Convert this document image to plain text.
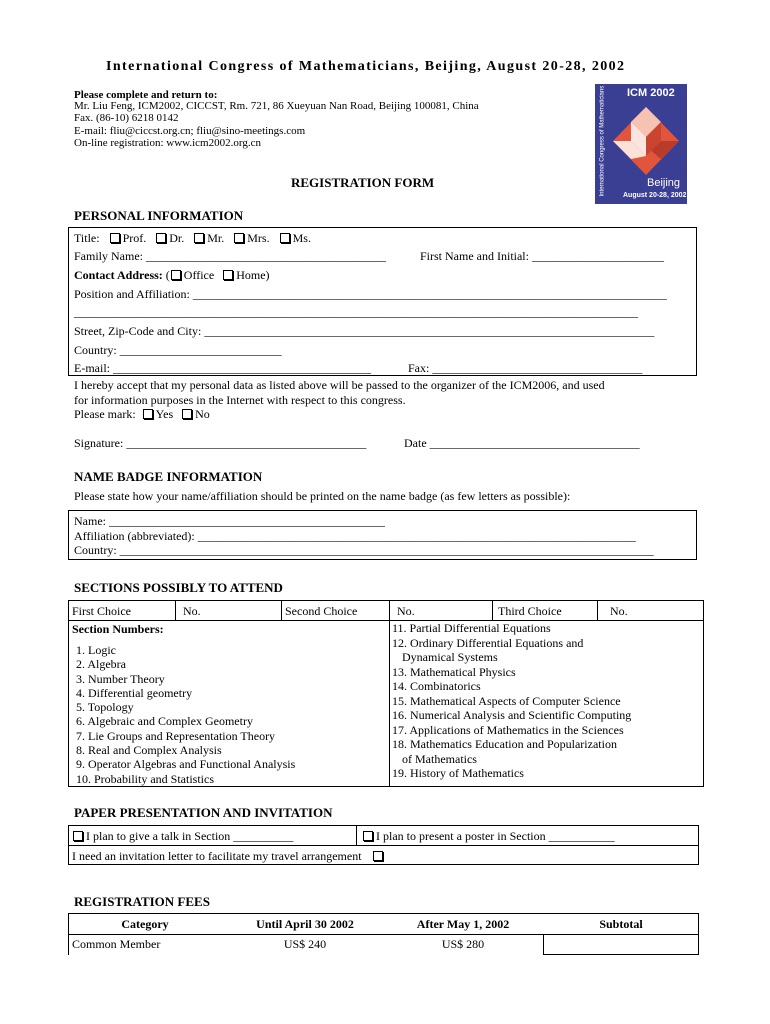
International Congress of Mathematicians, Beijing, August 20-28, 2002
Please complete and return to:
Mr. Liu Feng, ICM2002, CICCST, Rm. 721, 86 Xueyuan Nan Road, Beijing 100081, China
Fax. (86-10) 6218 0142
E-mail: fliu@ciccst.org.cn; fliu@sino-meetings.com
On-line registration: www.icm2002.org.cn
ICM 2002
International Congress of Mathematicians	Beijing
August 20-28, 2002
REGISTRATION FORM
PERSONAL INFORMATION
Title: Prof. Dr. Mr. Mrs. Ms.
Family Name: ________________________________________	First Name and Initial: ______________________
Contact Address: ( Office Home)
Position and Affiliation: _______________________________________________________________________________
______________________________________________________________________________________________
Street, Zip-Code and City: ___________________________________________________________________________
Country: ___________________________
E-mail: ___________________________________________	Fax: ___________________________________
I hereby accept that my personal data as listed above will be passed to the organizer of the ICM2006, and used
for information purposes in the Internet with respect to this congress.
Please mark: Yes No
Signature: ________________________________________	Date ___________________________________
NAME BADGE INFORMATION
Please state how your name/affiliation should be printed on the name badge (as few letters as possible):
Name: ______________________________________________
Affiliation (abbreviated): _________________________________________________________________________
Country: _________________________________________________________________________________________
SECTIONS POSSIBLY TO ATTEND
First Choice	No.	Second Choice	No.	Third Choice	No.
Section Numbers:
1. Logic
2. Algebra
3. Number Theory
4. Differential geometry
5. Topology
6. Algebraic and Complex Geometry
7. Lie Groups and Representation Theory
8. Real and Complex Analysis
9. Operator Algebras and Functional Analysis
10. Probability and Statistics
11. Partial Differential Equations
12. Ordinary Differential Equations and
Dynamical Systems
13. Mathematical Physics
14. Combinatorics
15. Mathematical Aspects of Computer Science
16. Numerical Analysis and Scientific Computing
17. Applications of Mathematics in the Sciences
18. Mathematics Education and Popularization
of Mathematics
19. History of Mathematics
PAPER PRESENTATION AND INVITATION
I plan to give a talk in Section __________	I plan to present a poster in Section ___________
I need an invitation letter to facilitate my travel arrangement
REGISTRATION FEES
Category	Until April 30 2002	After May 1, 2002	Subtotal
Common Member	US$ 240	US$ 280
